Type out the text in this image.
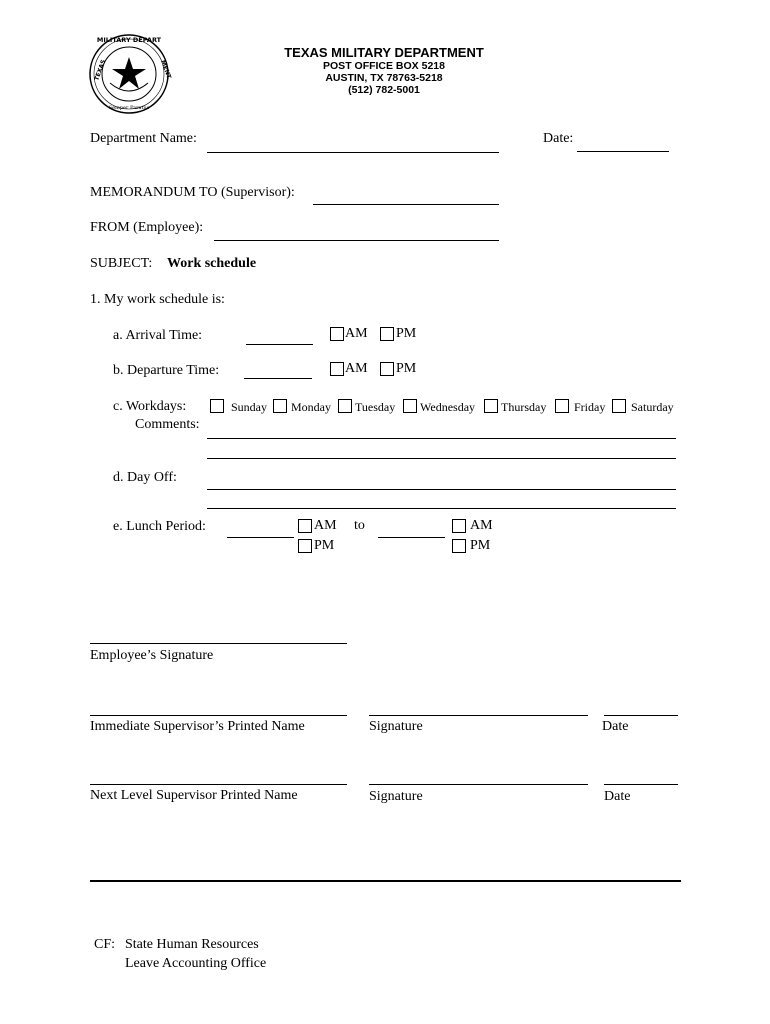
MILITARY DEPART
TEXAS	MENT
Semper Paratus
TEXAS MILITARY DEPARTMENT
POST OFFICE BOX 5218
AUSTIN, TX 78763-5218
(512) 782-5001
Department Name:	Date:
MEMORANDUM TO (Supervisor):
FROM (Employee):
SUBJECT: Work schedule
1. My work schedule is:
a. Arrival Time:	AM PM
b. Departure Time:	AM PM
c. Workdays:	Sunday Monday Tuesday Wednesday Thursday Friday Saturday
Comments:
d. Day Off:
e. Lunch Period:	AM
PM
to	AM
PM
Employee’s Signature
Immediate Supervisor’s Printed Name	Signature	Date
Next Level Supervisor Printed Name	Signature	Date
CF: State Human Resources
Leave Accounting Office
